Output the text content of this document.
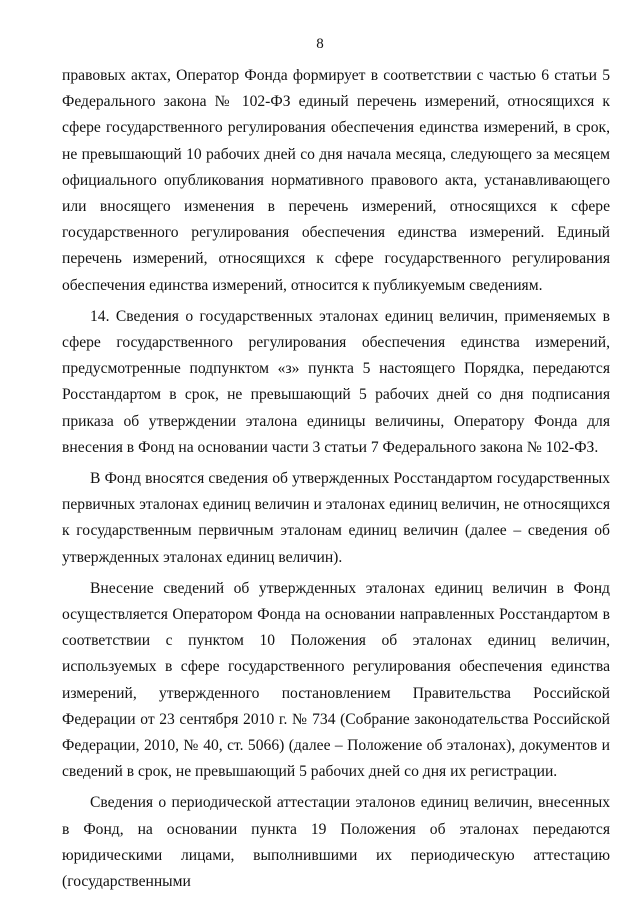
8

правовых актах, Оператор Фонда формирует в соответствии с частью 6 статьи 5 Федерального закона № 102-ФЗ единый перечень измерений, относящихся к сфере государственного регулирования обеспечения единства измерений, в срок, не превышающий 10 рабочих дней со дня начала месяца, следующего за месяцем официального опубликования нормативного правового акта, устанавливающего или вносящего изменения в перечень измерений, относящихся к сфере государственного регулирования обеспечения единства измерений. Единый перечень измерений, относящихся к сфере государственного регулирования обеспечения единства измерений, относится к публикуемым сведениям.

14. Сведения о государственных эталонах единиц величин, применяемых в сфере государственного регулирования обеспечения единства измерений, предусмотренные подпунктом «з» пункта 5 настоящего Порядка, передаются Росстандартом в срок, не превышающий 5 рабочих дней со дня подписания приказа об утверждении эталона единицы величины, Оператору Фонда для внесения в Фонд на основании части 3 статьи 7 Федерального закона № 102-ФЗ.

В Фонд вносятся сведения об утвержденных Росстандартом государственных первичных эталонах единиц величин и эталонах единиц величин, не относящихся к государственным первичным эталонам единиц величин (далее – сведения об утвержденных эталонах единиц величин).

Внесение сведений об утвержденных эталонах единиц величин в Фонд осуществляется Оператором Фонда на основании направленных Росстандартом в соответствии с пунктом 10 Положения об эталонах единиц величин, используемых в сфере государственного регулирования обеспечения единства измерений, утвержденного постановлением Правительства Российской Федерации от 23 сентября 2010 г. № 734 (Собрание законодательства Российской Федерации, 2010, № 40, ст. 5066) (далее – Положение об эталонах), документов и сведений в срок, не превышающий 5 рабочих дней со дня их регистрации.

Сведения о периодической аттестации эталонов единиц величин, внесенных в Фонд, на основании пункта 19 Положения об эталонах передаются юридическими лицами, выполнившими их периодическую аттестацию (государственными
